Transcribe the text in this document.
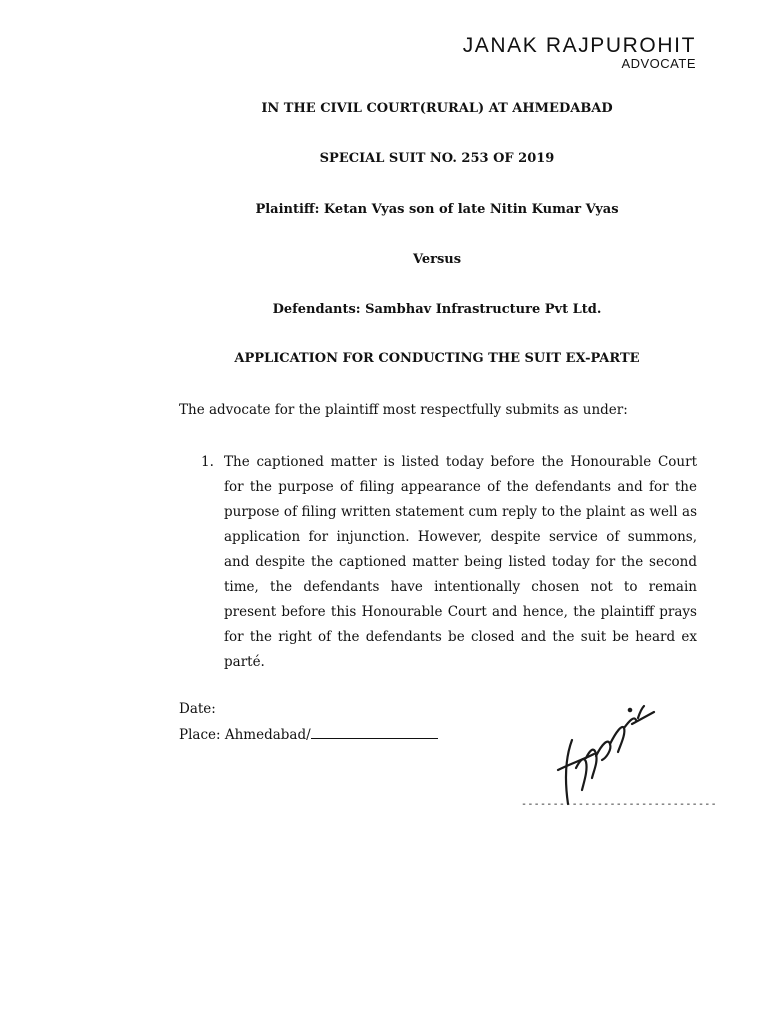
JANAK RAJPUROHIT
ADVOCATE
IN THE CIVIL COURT(RURAL) AT AHMEDABAD
SPECIAL SUIT NO. 253 OF 2019
Plaintiff: Ketan Vyas son of late Nitin Kumar Vyas
Versus
Defendants: Sambhav Infrastructure Pvt Ltd.
APPLICATION FOR CONDUCTING THE SUIT EX-PARTE
The advocate for the plaintiff most respectfully submits as under:
1. The captioned matter is listed today before the Honourable Court for the purpose of filing appearance of the defendants and for the purpose of filing written statement cum reply to the plaint as well as application for injunction. However, despite service of summons, and despite the captioned matter being listed today for the second time, the defendants have intentionally chosen not to remain present before this Honourable Court and hence, the plaintiff prays for the right of the defendants be closed and the suit be heard ex parté.
Date:
Place: Ahmedabad/
-------------------------------
